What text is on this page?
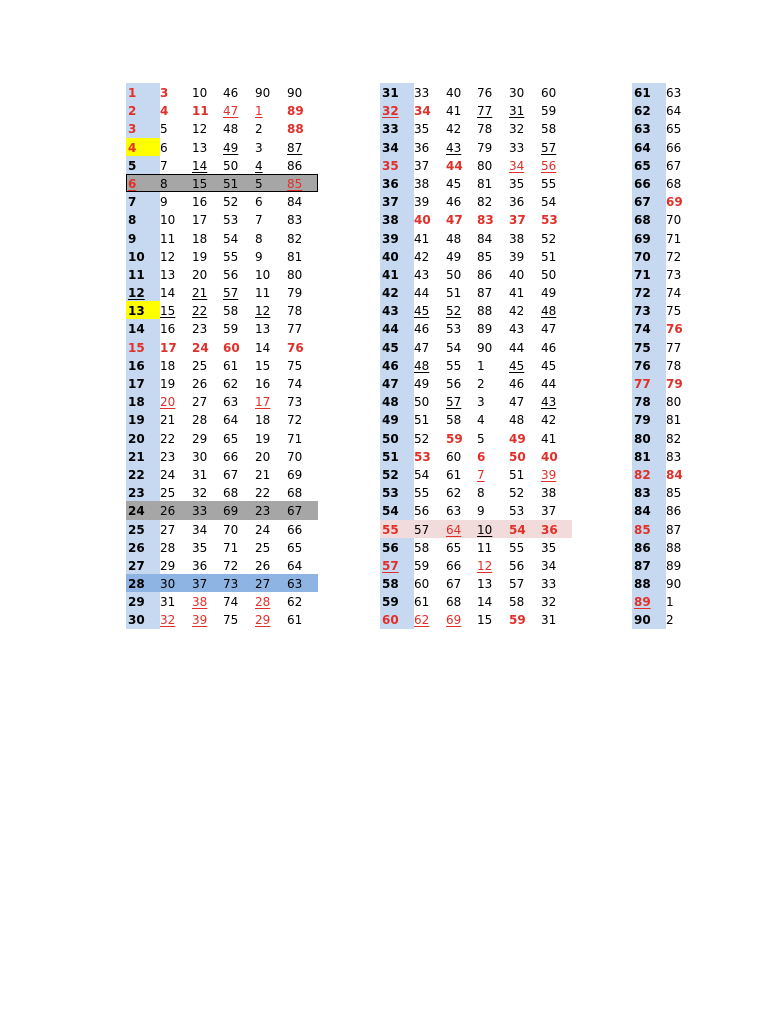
1	3	10	46	90	90
2	4	11	47	1	89
3	5	12	48	2	88
4	6	13	49	3	87
5	7	14	50	4	86
6	8	15	51	5	85
7	9	16	52	6	84
8	10	17	53	7	83
9	11	18	54	8	82
10	12	19	55	9	81
11	13	20	56	10	80
12	14	21	57	11	79
13	15	22	58	12	78
14	16	23	59	13	77
15	17	24	60	14	76
16	18	25	61	15	75
17	19	26	62	16	74
18	20	27	63	17	73
19	21	28	64	18	72
20	22	29	65	19	71
21	23	30	66	20	70
22	24	31	67	21	69
23	25	32	68	22	68
24	26	33	69	23	67
25	27	34	70	24	66
26	28	35	71	25	65
27	29	36	72	26	64
28	30	37	73	27	63
29	31	38	74	28	62
30	32	39	75	29	61
31	33	40	76	30	60
32	34	41	77	31	59
33	35	42	78	32	58
34	36	43	79	33	57
35	37	44	80	34	56
36	38	45	81	35	55
37	39	46	82	36	54
38	40	47	83	37	53
39	41	48	84	38	52
40	42	49	85	39	51
41	43	50	86	40	50
42	44	51	87	41	49
43	45	52	88	42	48
44	46	53	89	43	47
45	47	54	90	44	46
46	48	55	1	45	45
47	49	56	2	46	44
48	50	57	3	47	43
49	51	58	4	48	42
50	52	59	5	49	41
51	53	60	6	50	40
52	54	61	7	51	39
53	55	62	8	52	38
54	56	63	9	53	37
55	57	64	10	54	36
56	58	65	11	55	35
57	59	66	12	56	34
58	60	67	13	57	33
59	61	68	14	58	32
60	62	69	15	59	31
61	63
62	64
63	65
64	66
65	67
66	68
67	69
68	70
69	71
70	72
71	73
72	74
73	75
74	76
75	77
76	78
77	79
78	80
79	81
80	82
81	83
82	84
83	85
84	86
85	87
86	88
87	89
88	90
89	1
90	2
